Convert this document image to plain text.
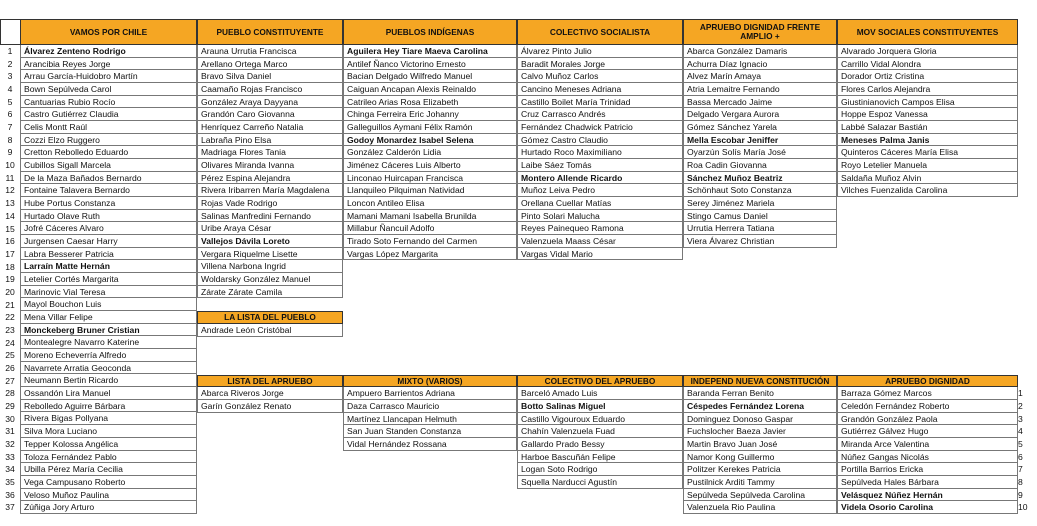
1
2
3
4
5
6
7
8
9
10
11
12
13
14
15
16
17
18
19
20
21
22
23
24
25
26
27
28
29
30
31
32
33
34
35
36
37
1
2
3
4
5
6
7
8
9
10
VAMOS POR CHILE
Álvarez Zenteno Rodrigo
Arancibia Reyes Jorge
Arrau García-Huidobro Martín
Bown Sepúlveda Carol
Cantuarias Rubio Rocío
Castro Gutiérrez Claudia
Celis Montt Raúl
Cozzi Elzo Ruggero
Cretton Rebolledo Eduardo
Cubillos Sigall Marcela
De la Maza Bañados Bernardo
Fontaine Talavera Bernardo
Hube Portus Constanza
Hurtado Olave Ruth
Jofré Cáceres Alvaro
Jurgensen Caesar Harry
Labra Besserer Patricia
Larraín Matte Hernán
Letelier Cortés Margarita
Marinovic Vial Teresa
Mayol Bouchon Luis
Mena Villar Felipe
Monckeberg Bruner Cristian
Montealegre Navarro Katerine
Moreno Echeverría Alfredo
Navarrete Arratia Geoconda
Neumann Bertin Ricardo
Ossandón Lira Manuel
Rebolledo Aguirre Bárbara
Rivera Bigas Pollyana
Silva Mora Luciano
Tepper Kolossa Angélica
Toloza Fernández Pablo
Ubilla Pérez María Cecilia
Vega Campusano Roberto
Veloso Muñoz Paulina
Zúñiga Jory Arturo
PUEBLO CONSTITUYENTE
Arauna Urrutia Francisca
Arellano Ortega Marco
Bravo Silva Daniel
Caamaño Rojas Francisco
González Araya Dayyana
Grandón Caro Giovanna
Henríquez Carreño Natalia
Labraña Pino Elsa
Madriaga Flores Tania
Olivares Miranda Ivanna
Pérez Espina Alejandra
Rivera Iribarren María Magdalena
Rojas Vade Rodrigo
Salinas Manfredini Fernando
Uribe Araya César
Vallejos Dávila Loreto
Vergara Riquelme Lisette
Villena Narbona Ingrid
Woldarsky González Manuel
Zárate Zárate Camila
PUEBLOS INDÍGENAS
Aguilera Hey Tiare Maeva Carolina
Antilef Ñanco Victorino Ernesto
Bacian Delgado Wilfredo Manuel
Caiguan Ancapan Alexis Reinaldo
Catrileo Arias Rosa Elizabeth
Chinga Ferreira Eric Johanny
Galleguillos Aymani Félix Ramón
Godoy Monardez Isabel Selena
González Calderón Lidia
Jiménez Cáceres Luis Alberto
Linconao Huircapan Francisca
Llanquileo Pilquiman Natividad
Loncon Antileo Elisa
Mamani Mamani Isabella Brunilda
Millabur Ñancuil Adolfo
Tirado Soto Fernando del Carmen
Vargas López Margarita
COLECTIVO SOCIALISTA
Álvarez Pinto Julio
Baradit Morales Jorge
Calvo Muñoz Carlos
Cancino Meneses Adriana
Castillo Boilet María Trinidad
Cruz Carrasco Andrés
Fernández Chadwick Patricio
Gómez Castro Claudio
Hurtado Roco Maximiliano
Laibe Sáez Tomás
Montero Allende Ricardo
Muñoz Leiva Pedro
Orellana Cuellar Matías
Pinto Solari Malucha
Reyes Painequeo Ramona
Valenzuela Maass César
Vargas Vidal Mario
APRUEBO DIGNIDAD FRENTE AMPLIO +
Abarca González Damaris
Achurra Díaz Ignacio
Alvez Marín Amaya
Atria Lemaitre Fernando
Bassa Mercado Jaime
Delgado Vergara Aurora
Gómez Sánchez Yarela
Mella Escobar Jeniffer
Oyarzún Solís María José
Roa Cadin Giovanna
Sánchez Muñoz Beatriz
Schönhaut Soto Constanza
Serey Jiménez Mariela
Stingo Camus Daniel
Urrutia Herrera Tatiana
Viera Álvarez Christian
MOV SOCIALES CONSTITUYENTES
Alvarado Jorquera Gloria
Carrillo Vidal Alondra
Dorador Ortiz Cristina
Flores Carlos Alejandra
Giustinianovich Campos Elisa
Hoppe Espoz Vanessa
Labbé Salazar Bastián
Meneses Palma Janis
Quinteros Cáceres María Elisa
Royo Letelier Manuela
Saldaña Muñoz Alvin
Vilches Fuenzalida Carolina
LA LISTA DEL PUEBLO
Andrade León Cristóbal
LISTA DEL APRUEBO
Abarca Riveros Jorge
Garín González Renato
MIXTO (VARIOS)
Ampuero Barrientos Adriana
Daza Carrasco Mauricio
Martínez Llancapan Helmuth
San Juan Standen Constanza
Vidal Hernández Rossana
COLECTIVO DEL APRUEBO
Barceló Amado Luis
Botto Salinas Miguel
Castillo Vigouroux Eduardo
Chahín Valenzuela Fuad
Gallardo Prado Bessy
Harboe Bascuñán Felipe
Logan Soto Rodrigo
Squella Narducci Agustín
INDEPEND NUEVA CONSTITUCIÓN
Baranda Ferran Benito
Céspedes Fernández Lorena
Dominguez Donoso Gaspar
Fuchslocher Baeza Javier
Martin Bravo Juan José
Namor Kong Guillermo
Politzer Kerekes Patricia
Pustilnick Arditi Tammy
Sepúlveda Sepúlveda Carolina
Valenzuela Rio Paulina
APRUEBO DIGNIDAD
Barraza Gómez Marcos
Celedón Fernández Roberto
Grandón González Paola
Gutiérrez Gálvez Hugo
Miranda Arce Valentina
Núñez Gangas Nicolás
Portilla Barrios Ericka
Sepúlveda Hales Bárbara
Velásquez Núñez Hernán
Videla Osorio Carolina
